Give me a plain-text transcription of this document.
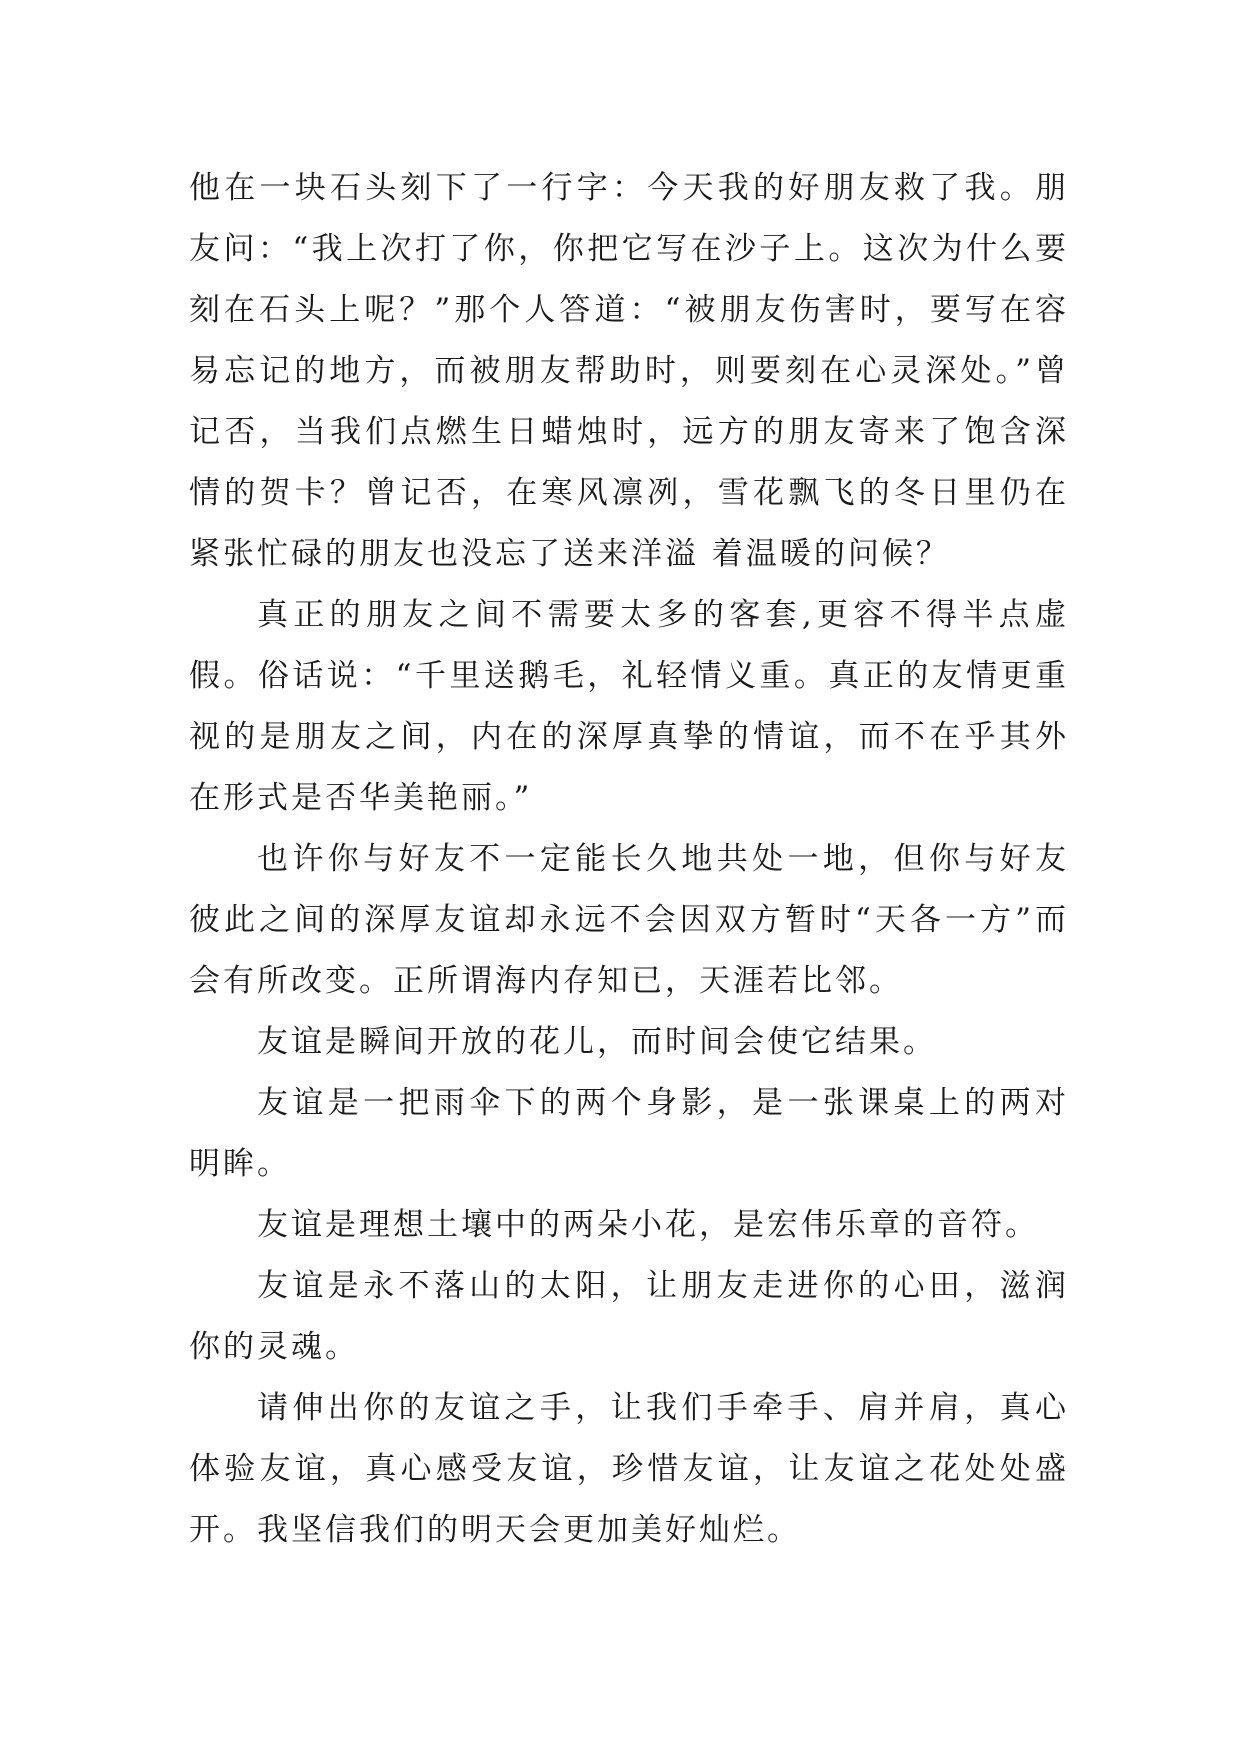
他在一块石头刻下了一行字：今天我的好朋友救了我。朋友问：“我上次打了你，你把它写在沙子上。这次为什么要刻在石头上呢？”那个人答道：“被朋友伤害时，要写在容易忘记的地方，而被朋友帮助时，则要刻在心灵深处。”曾记否，当我们点燃生日蜡烛时，远方的朋友寄来了饱含深情的贺卡？曾记否，在寒风凛冽，雪花飘飞的冬日里仍在紧张忙碌的朋友也没忘了送来洋溢 着温暖的问候？

真正的朋友之间不需要太多的客套,更容不得半点虚假。俗话说：“千里送鹅毛，礼轻情义重。真正的友情更重视的是朋友之间，内在的深厚真挚的情谊，而不在乎其外在形式是否华美艳丽。”

也许你与好友不一定能长久地共处一地，但你与好友彼此之间的深厚友谊却永远不会因双方暂时“天各一方”而会有所改变。正所谓海内存知已，天涯若比邻。

友谊是瞬间开放的花儿，而时间会使它结果。

友谊是一把雨伞下的两个身影，是一张课桌上的两对明眸。

友谊是理想土壤中的两朵小花，是宏伟乐章的音符。

友谊是永不落山的太阳，让朋友走进你的心田，滋润你的灵魂。

请伸出你的友谊之手，让我们手牵手、肩并肩，真心体验友谊，真心感受友谊，珍惜友谊，让友谊之花处处盛开。我坚信我们的明天会更加美好灿烂。
